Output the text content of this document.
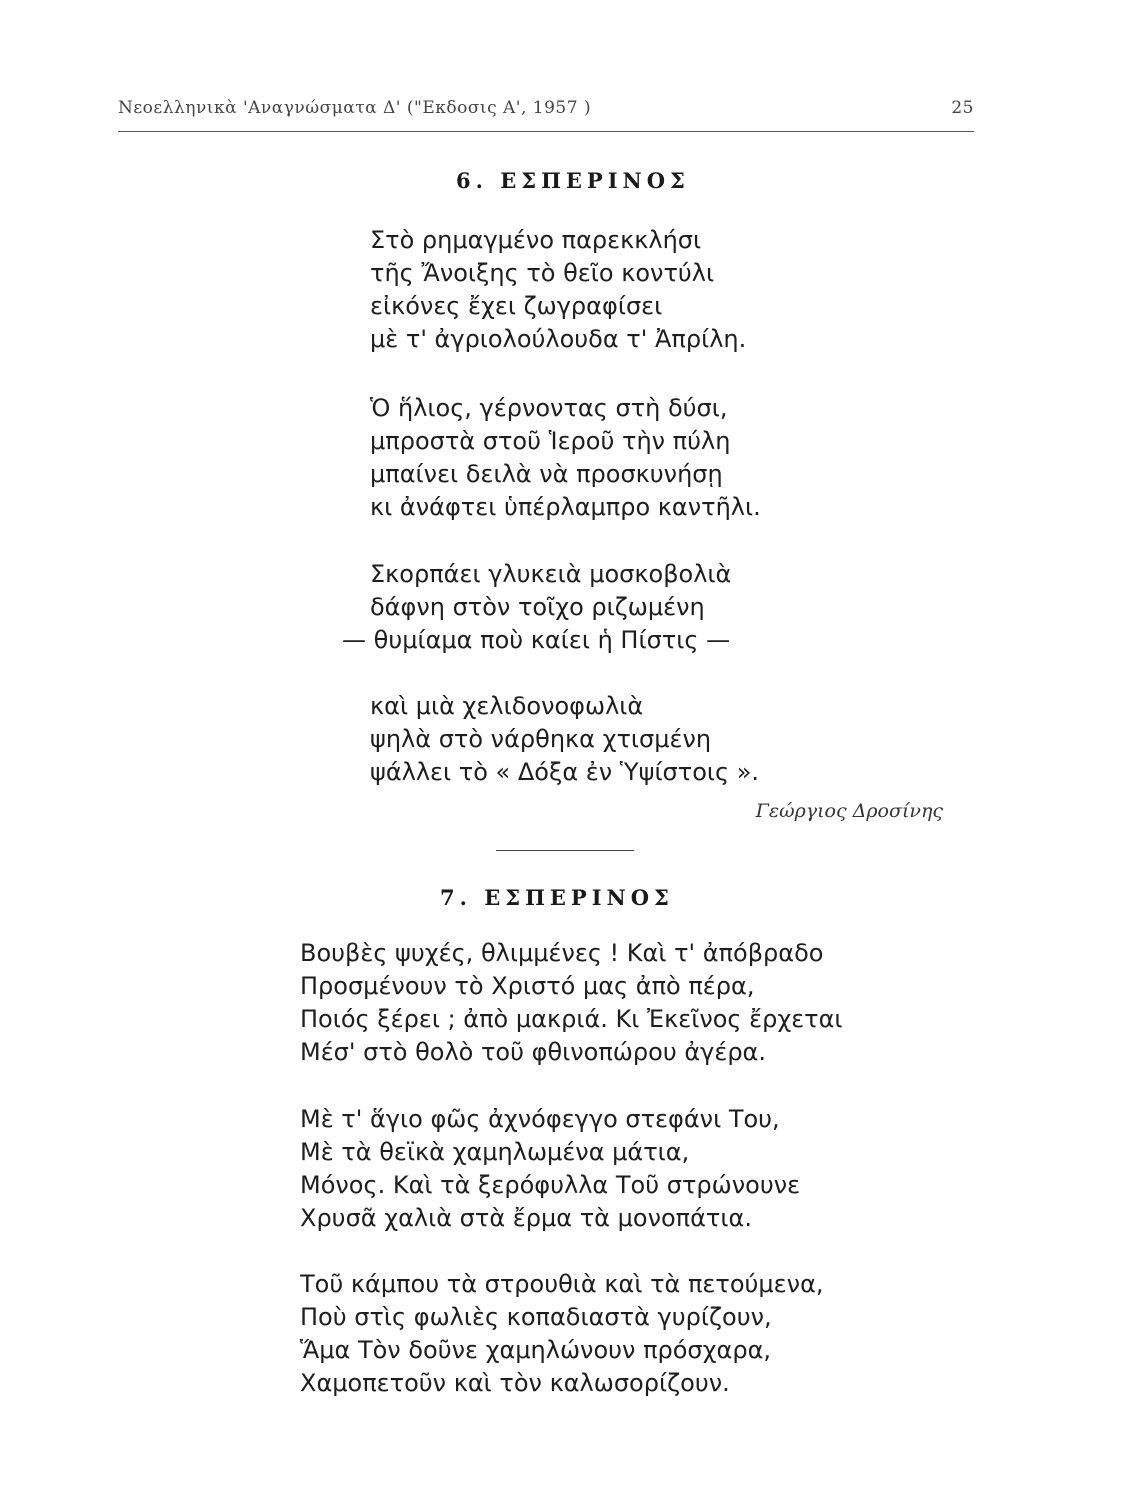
Νεοελληνικὰ 'Αναγνώσματα Δ' ("Εκδοσις Α', 1957 )	25
6. ΕΣΠΕΡΙΝΟΣ
Στὸ ρημαγμένο παρεκκλήσι
τῆς Ἄνοιξης τὸ θεῖο κοντύλι
εἰκόνες ἔχει ζωγραφίσει
μὲ τ' ἀγριολούλουδα τ' Ἀπρίλη.
Ὁ ἥλιος, γέρνοντας στὴ δύσι,
μπροστὰ στοῦ Ἱεροῦ τὴν πύλη
μπαίνει δειλὰ νὰ προσκυνήσῃ
κι ἀνάφτει ὑπέρλαμπρο καντῆλι.
Σκορπάει γλυκειὰ μοσκοβολιὰ
δάφνη στὸν τοῖχο ριζωμένη
— θυμίαμα ποὺ καίει ἡ Πίστις —
καὶ μιὰ χελιδονοφωλιὰ
ψηλὰ στὸ νάρθηκα χτισμένη
ψάλλει τὸ « Δόξα ἐν Ὑψίστοις ».
Γεώργιος Δροσίνης
7. ΕΣΠΕΡΙΝΟΣ
Βουβὲς ψυχές, θλιμμένες ! Καὶ τ' ἀπόβραδο
Προσμένουν τὸ Χριστό μας ἀπὸ πέρα,
Ποιός ξέρει ; ἀπὸ μακριά. Κι Ἐκεῖνος ἔρχεται
Μέσ' στὸ θολὸ τοῦ φθινοπώρου ἀγέρα.
Μὲ τ' ἅγιο φῶς ἀχνόφεγγο στεφάνι Του,
Μὲ τὰ θεϊκὰ χαμηλωμένα μάτια,
Μόνος. Καὶ τὰ ξερόφυλλα Τοῦ στρώνουνε
Χρυσᾶ χαλιὰ στὰ ἔρμα τὰ μονοπάτια.
Τοῦ κάμπου τὰ στρουθιὰ καὶ τὰ πετούμενα,
Ποὺ στὶς φωλιὲς κοπαδιαστὰ γυρίζουν,
Ἅμα Τὸν δοῦνε χαμηλώνουν πρόσχαρα,
Χαμοπετοῦν καὶ τὸν καλωσορίζουν.
